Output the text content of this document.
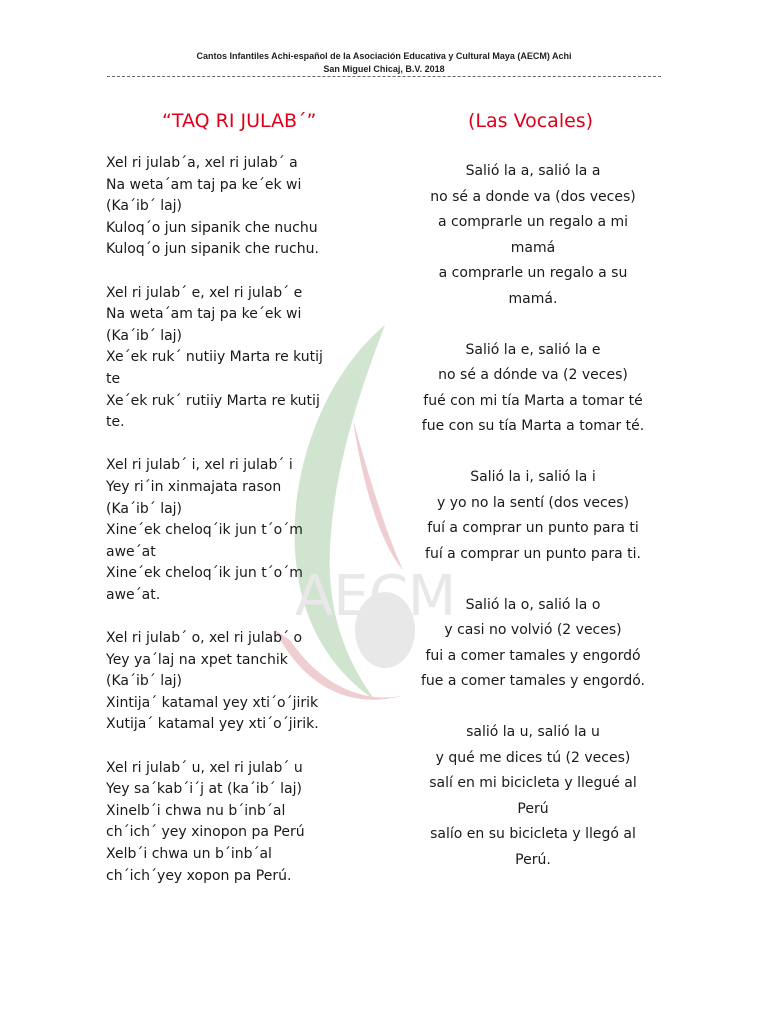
Cantos Infantiles Achi-español de la Asociación Educativa y Cultural Maya (AECM) Achi
San Miguel Chicaj, B.V. 2018
AECM
“TAQ RI JULAB´”	(Las Vocales)
Xel ri julab´a, xel ri julab´ a
Na weta´am taj pa ke´ek wi
(Ka´ib´ laj)
Kuloq´o jun sipanik che nuchu
Kuloq´o jun sipanik che ruchu.
Xel ri julab´ e, xel ri julab´ e
Na weta´am taj pa ke´ek wi
(Ka´ib´ laj)
Xe´ek ruk´ nutiiy Marta re kutij
te
Xe´ek ruk´ rutiiy Marta re kutij
te.
Xel ri julab´ i, xel ri julab´ i
Yey ri´in xinmajata rason
(Ka´ib´ laj)
Xine´ek cheloq´ik jun t´o´m
awe´at
Xine´ek cheloq´ik jun t´o´m
awe´at.
Xel ri julab´ o, xel ri julab´ o
Yey ya´laj na xpet tanchik
(Ka´ib´ laj)
Xintija´ katamal yey xti´o´jirik
Xutija´ katamal yey xti´o´jirik.
Xel ri julab´ u, xel ri julab´ u
Yey sa´kab´i´j at (ka´ib´ laj)
Xinelb´i chwa nu b´inb´al
ch´ich´ yey xinopon pa Perú
Xelb´i chwa un b´inb´al
ch´ich´yey xopon pa Perú.
Salió la a, salió la a
no sé a donde va (dos veces)
a comprarle un regalo a mi
mamá
a comprarle un regalo a su
mamá.
Salió la e, salió la e
no sé a dónde va (2 veces)
fué con mi tía Marta a tomar té
fue con su tía Marta a tomar té.
Salió la i, salió la i
y yo no la sentí (dos veces)
fuí a comprar un punto para ti
fuí a comprar un punto para ti.
Salió la o, salió la o
y casi no volvió (2 veces)
fui a comer tamales y engordó
fue a comer tamales y engordó.
salió la u, salió la u
y qué me dices tú (2 veces)
salí en mi bicicleta y llegué al
Perú
salío en su bicicleta y llegó al
Perú.
